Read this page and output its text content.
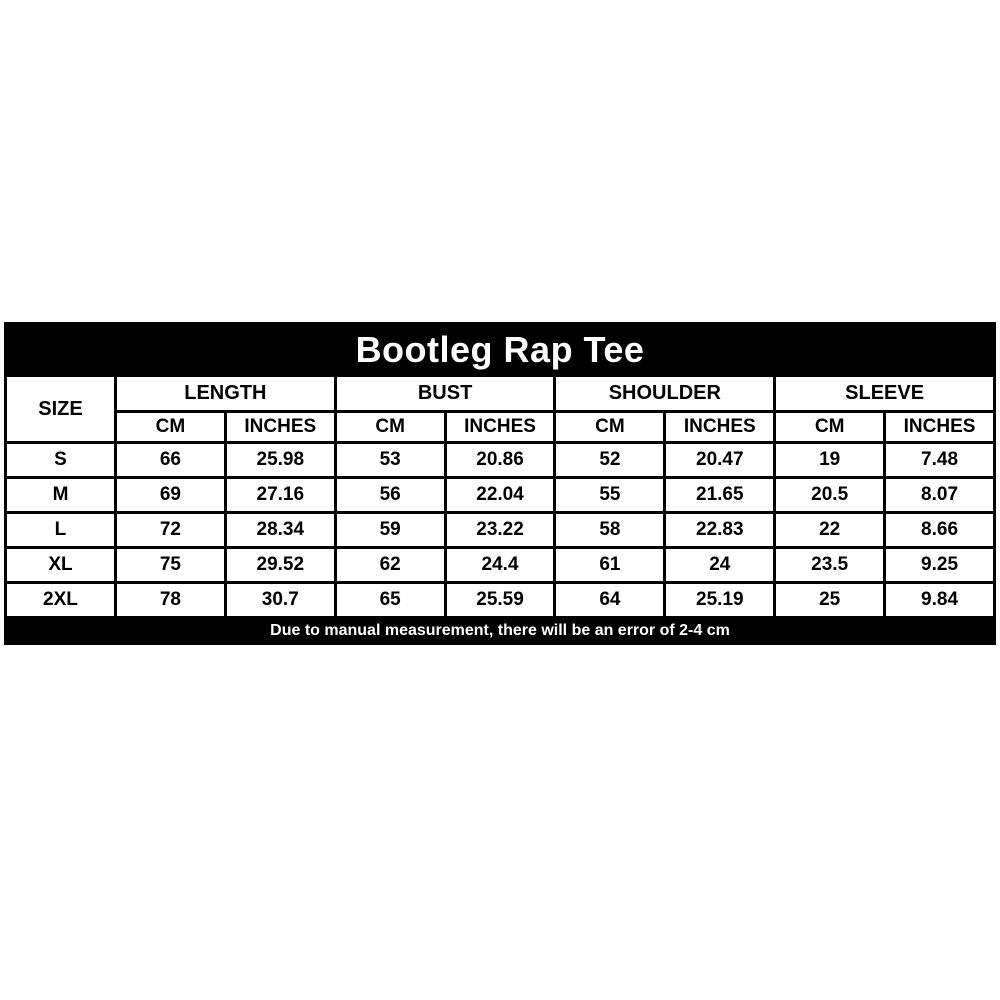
Bootleg Rap Tee								
SIZE	LENGTH		BUST		SHOULDER		SLEEVE	
	CM	INCHES	CM	INCHES	CM	INCHES	CM	INCHES
S	66	25.98	53	20.86	52	20.47	19	7.48
M	69	27.16	56	22.04	55	21.65	20.5	8.07
L	72	28.34	59	23.22	58	22.83	22	8.66
XL	75	29.52	62	24.4	61	24	23.5	9.25
2XL	78	30.7	65	25.59	64	25.19	25	9.84
Due to manual measurement, there will be an error of 2-4 cm								
